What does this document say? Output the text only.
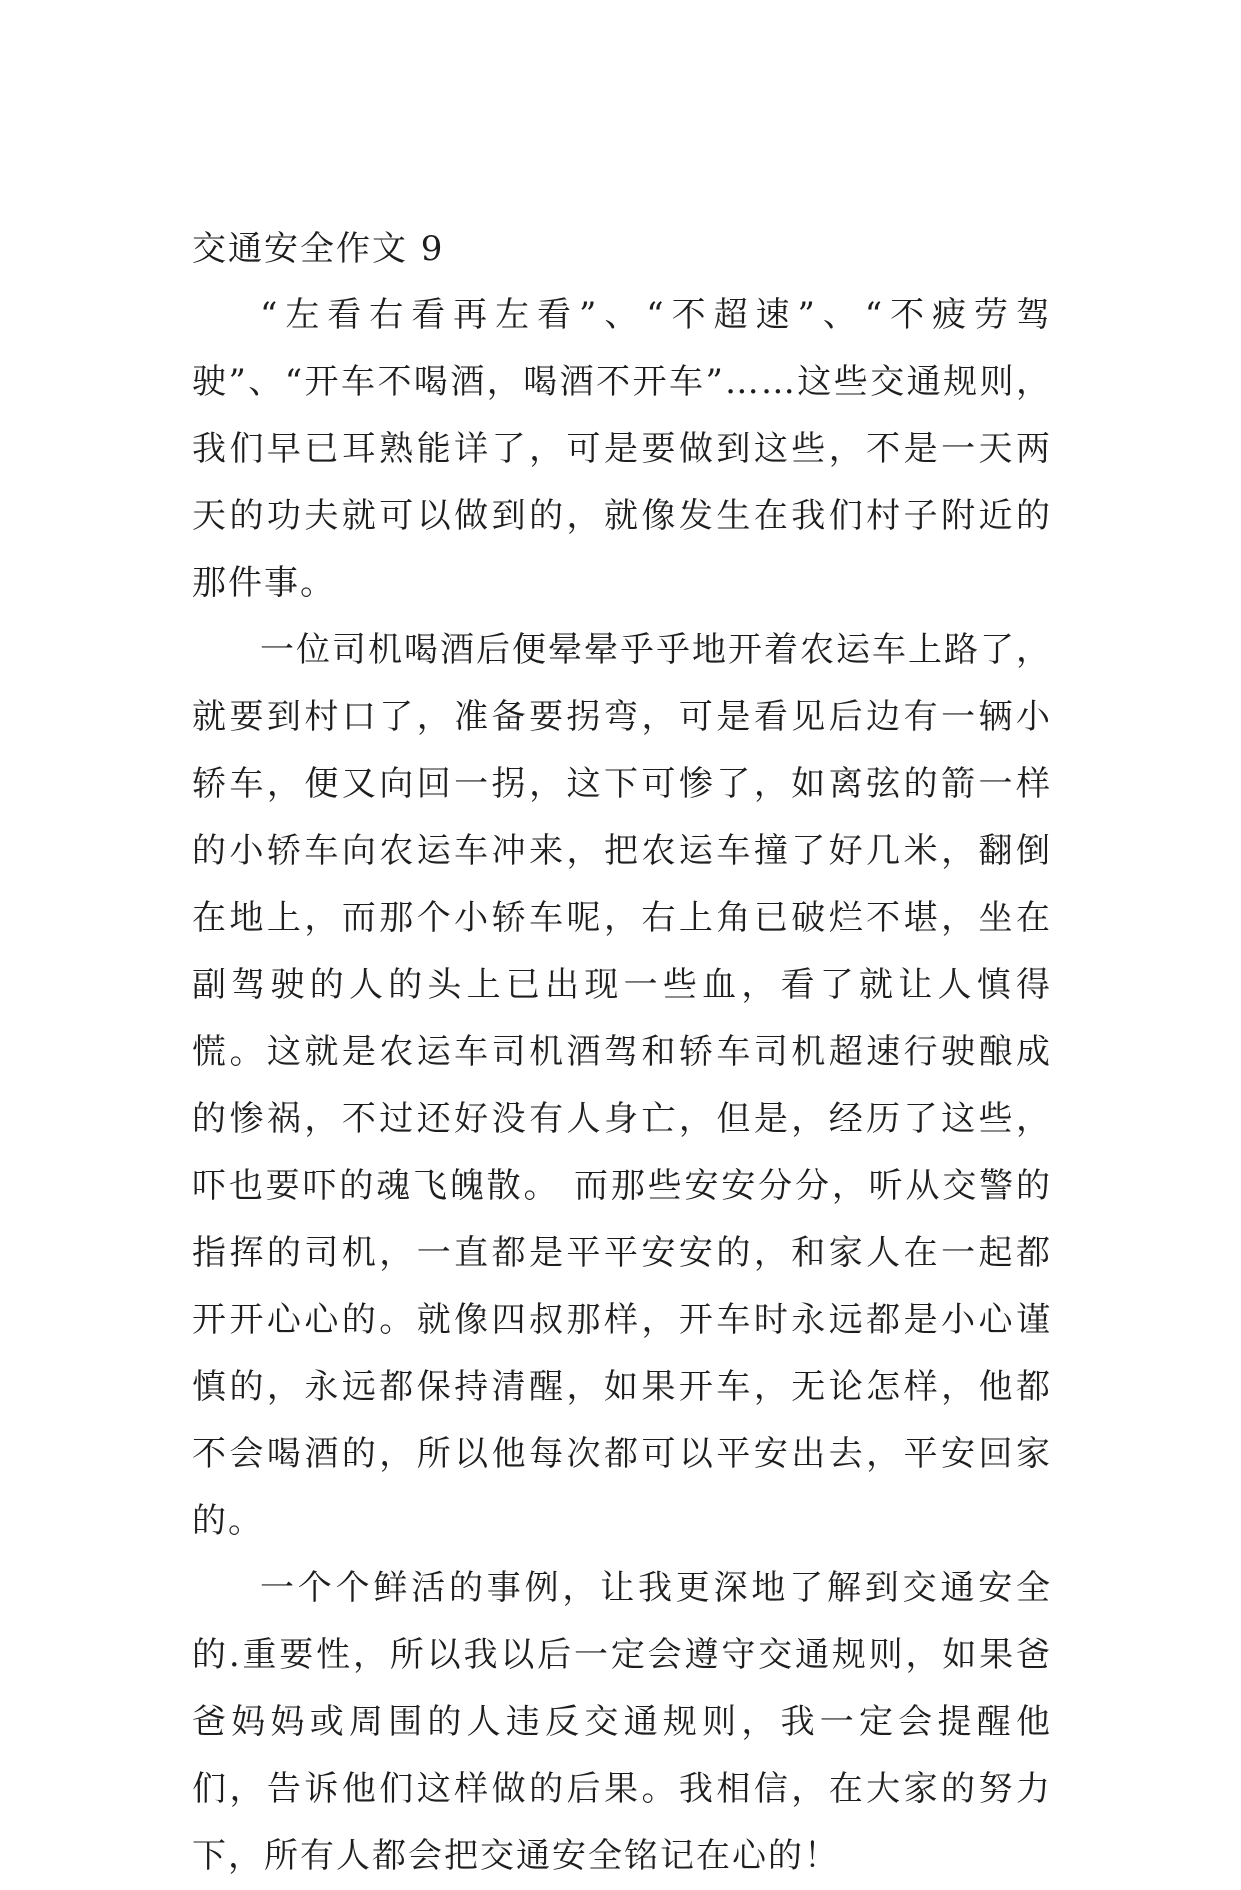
交通安全作文 9

“左看右看再左看”、“不超速”、“不疲劳驾驶”、“开车不喝酒，喝酒不开车”……这些交通规则，我们早已耳熟能详了，可是要做到这些，不是一天两天的功夫就可以做到的，就像发生在我们村子附近的那件事。

一位司机喝酒后便晕晕乎乎地开着农运车上路了，就要到村口了，准备要拐弯，可是看见后边有一辆小轿车，便又向回一拐，这下可惨了，如离弦的箭一样的小轿车向农运车冲来，把农运车撞了好几米，翻倒在地上，而那个小轿车呢，右上角已破烂不堪，坐在副驾驶的人的头上已出现一些血，看了就让人慎得慌。这就是农运车司机酒驾和轿车司机超速行驶酿成的惨祸，不过还好没有人身亡，但是，经历了这些，吓也要吓的魂飞魄散。 而那些安安分分，听从交警的指挥的司机，一直都是平平安安的，和家人在一起都开开心心的。就像四叔那样，开车时永远都是小心谨慎的，永远都保持清醒，如果开车，无论怎样，他都不会喝酒的，所以他每次都可以平安出去，平安回家的。

一个个鲜活的事例，让我更深地了解到交通安全的.重要性，所以我以后一定会遵守交通规则，如果爸爸妈妈或周围的人违反交通规则，我一定会提醒他们，告诉他们这样做的后果。我相信，在大家的努力下，所有人都会把交通安全铭记在心的！
